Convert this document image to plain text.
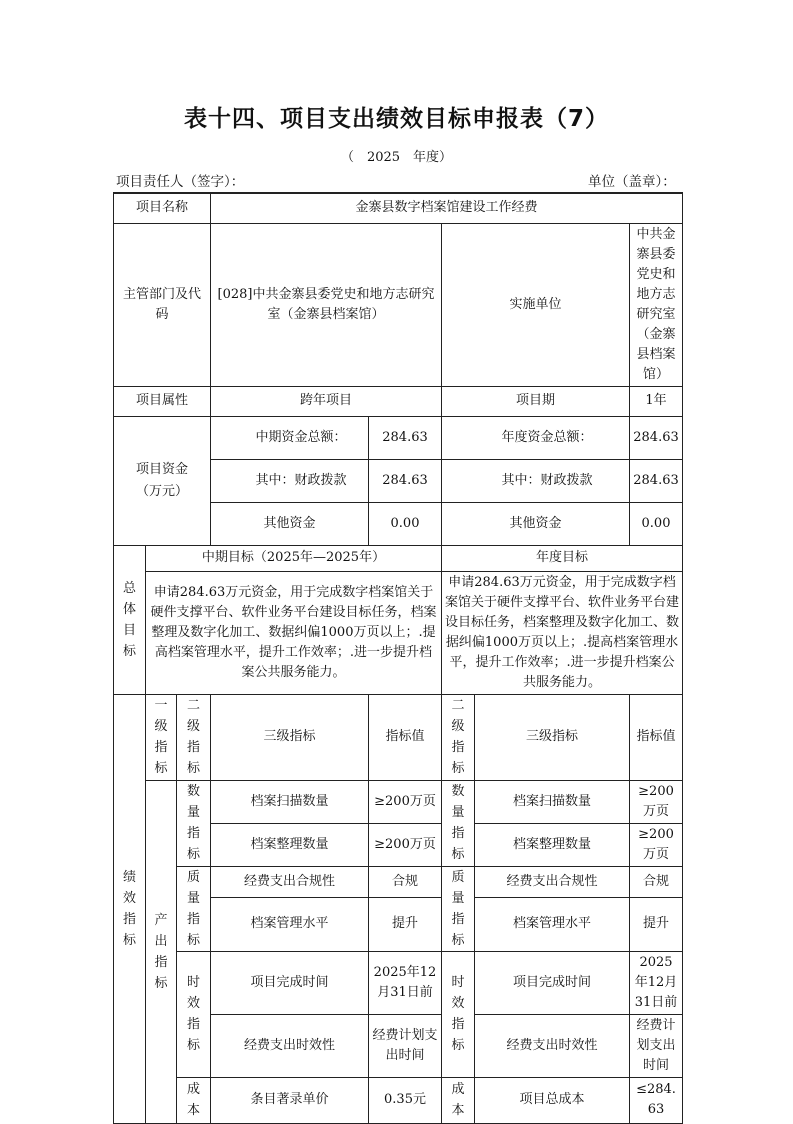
表十四、项目支出绩效目标申报表（7）
（　2025　年度）
项目责任人（签字）：	单位（盖章）：
项目名称			金寨县数字档案馆建设工作经费				
主管部门及代码			[028]中共金寨县委党史和地方志研究室（金寨县档案馆）		实施单位		中共金寨县委党史和地方志研究室（金寨县档案馆）
项目属性			跨年项目		项目期		1年
项目资金（万元）			中期资金总额：	284.63	年度资金总额：		284.63
			其中：财政拨款	284.63	其中：财政拨款		284.63
			其他资金	0.00	其他资金		0.00

总体目标	中期目标（2025年—2025年）				年度目标		
	申请284.63万元资金，用于完成数字档案馆关于硬件支撑平台、软件业务平台建设目标任务，档案整理及数字化加工、数据纠偏1000万页以上；.提高档案管理水平，提升工作效率；.进一步提升档案公共服务能力。				申请284.63万元资金，用于完成数字档案馆关于硬件支撑平台、软件业务平台建设目标任务，档案整理及数字化加工、数据纠偏1000万页以上；.提高档案管理水平，提升工作效率；.进一步提升档案公共服务能力。		

绩效指标	一级指标	二级指标	三级指标	指标值	二级指标	三级指标	指标值

	产出指标	数量指标	档案扫描数量	≥200万页	数量指标	档案扫描数量	≥200万页
			档案整理数量	≥200万页		档案整理数量	≥200万页

		质量指标	经费支出合规性	合规	质量指标	经费支出合规性	合规
			档案管理水平	提升		档案管理水平	提升

		时效指标	项目完成时间	2025年12月31日前	时效指标	项目完成时间	2025年12月31日前
			经费支出时效性	经费计划支出时间		经费支出时效性	经费计划支出时间

		成本	条目著录单价	0.35元	成本	项目总成本	≤284.63
